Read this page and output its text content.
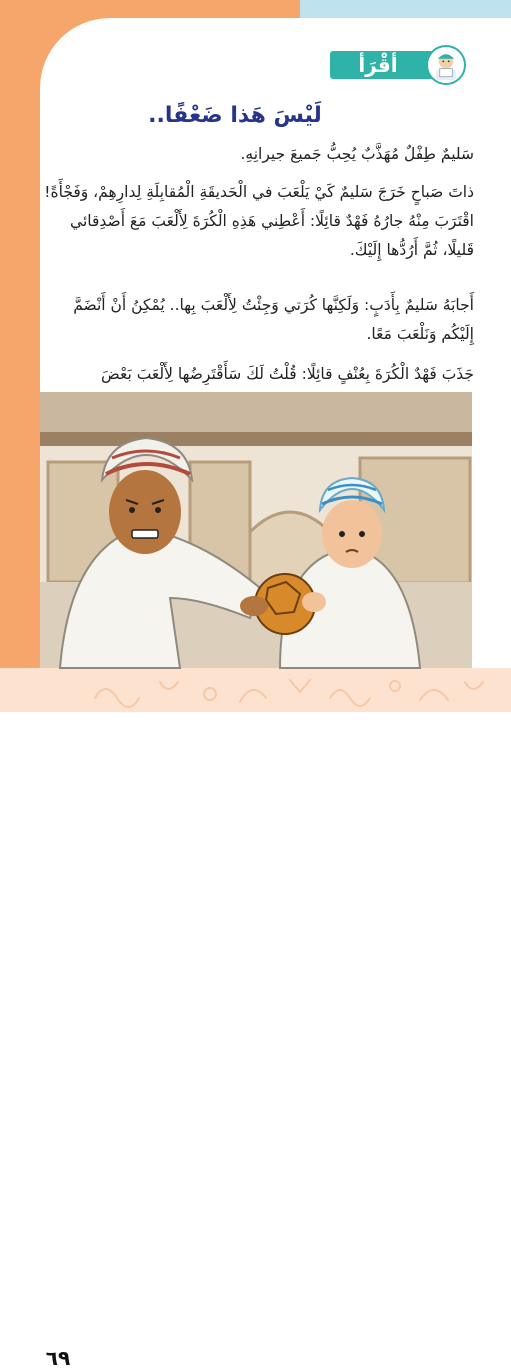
٦٩
أَقْرَأُ
لَيْسَ هَذا ضَعْفًا..

سَليمٌ طِفْلٌ مُهَذَّبٌ يُحِبُّ جَميعَ جيرانِهِ.

ذاتَ صَباحٍ خَرَجَ سَليمٌ كَيْ يَلْعَبَ في الْحَديقَةِ الْمُقابِلَةِ لِدارِهِمْ، وَفَجْأَةً! اقْتَرَبَ مِنْهُ جارُهُ فَهْدٌ قائِلًا: أَعْطِني هَذِهِ الْكُرَةَ لِأَلْعَبَ مَعَ أَصْدِقائي قَليلًا، ثُمَّ أَرُدُّها إِلَيْكَ.

أَجابَهُ سَليمٌ بِأَدَبٍ: وَلَكِنَّها كُرَتي وَجِئْتُ لِأَلْعَبَ بِها.. يُمْكِنُ أَنْ أَنْضَمَّ إِلَيْكُم وَنَلْعَبَ مَعًا.

جَذَبَ فَهْدٌ الْكُرَةَ بِعُنْفٍ قائِلًا: قُلْتُ لَكَ سَأَقْتَرِضُها لِأَلْعَبَ بَعْضَ
